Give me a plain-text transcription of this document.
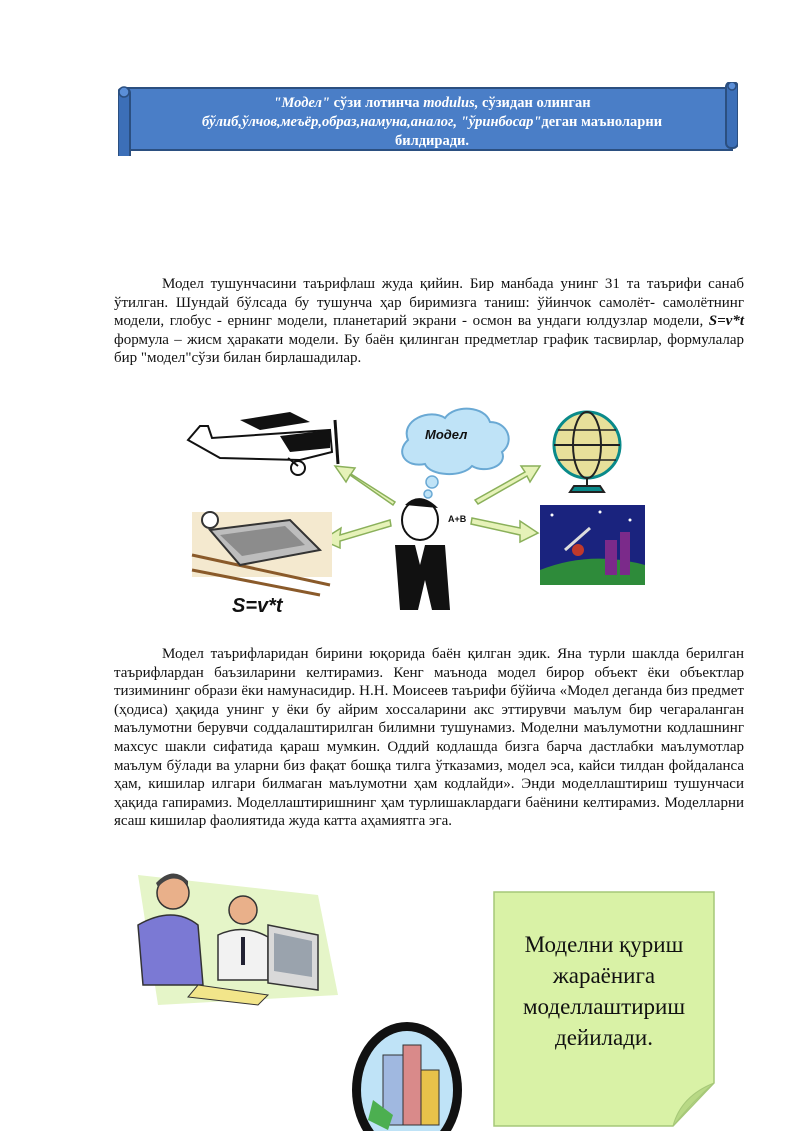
"Модел" сўзи лотинча modulus, сўзидан олинган
бўлиб,ўлчов,меъёр,образ,намуна,аналог, "ўринбосар"деган маъноларни
билдиради.

Модел тушунчасини таърифлаш жуда қийин. Бир манбада унинг 31 та таърифи санаб ўтилган. Шундай бўлсада бу тушунча ҳар биримизга таниш: ўйинчок самолёт- самолётнинг модели, глобус - ернинг модели, планетарий экрани - осмон ва ундаги юлдузлар модели, S=v*t формула – жисм ҳаракати модели. Бу баён қилинган предметлар график тасвирлар, формулалар бир "модел"сўзи билан бирлашадилар.

A+B
Модел
S=v*t

Модел таърифларидан бирини юқорида баён қилган эдик. Яна турли шаклда берилган таърифлардан баъзиларини келтирамиз. Кенг маънода модел бирор объект ёки объектлар тизимининг образи ёки намунасидир. Н.Н. Моисеев таърифи бўйича «Модел деганда биз предмет (ҳодиса) ҳақида унинг у ёки бу айрим хоссаларини акс эттирувчи маълум бир чегараланган маълумотни берувчи соддалаштирилган билимни тушунамиз. Моделни маълумотни кодлашнинг махсус шакли сифатида қараш мумкин. Оддий кодлашда бизга барча дастлабки маълумотлар маълум бўлади ва уларни биз фақат бошқа тилга ўтказамиз, модел эса, кайси тилдан фойдаланса ҳам, кишилар илгари билмаган маълумотни ҳам кодлайди». Энди моделлаштириш тушунчаси ҳақида гапирамиз. Моделлаштиришнинг ҳам турлишаклардаги баёнини келтирамиз. Моделларни ясаш кишилар фаолиятида жуда катта аҳамиятга эга.

Моделни қуриш
жараёнига
моделлаштириш
дейилади.
